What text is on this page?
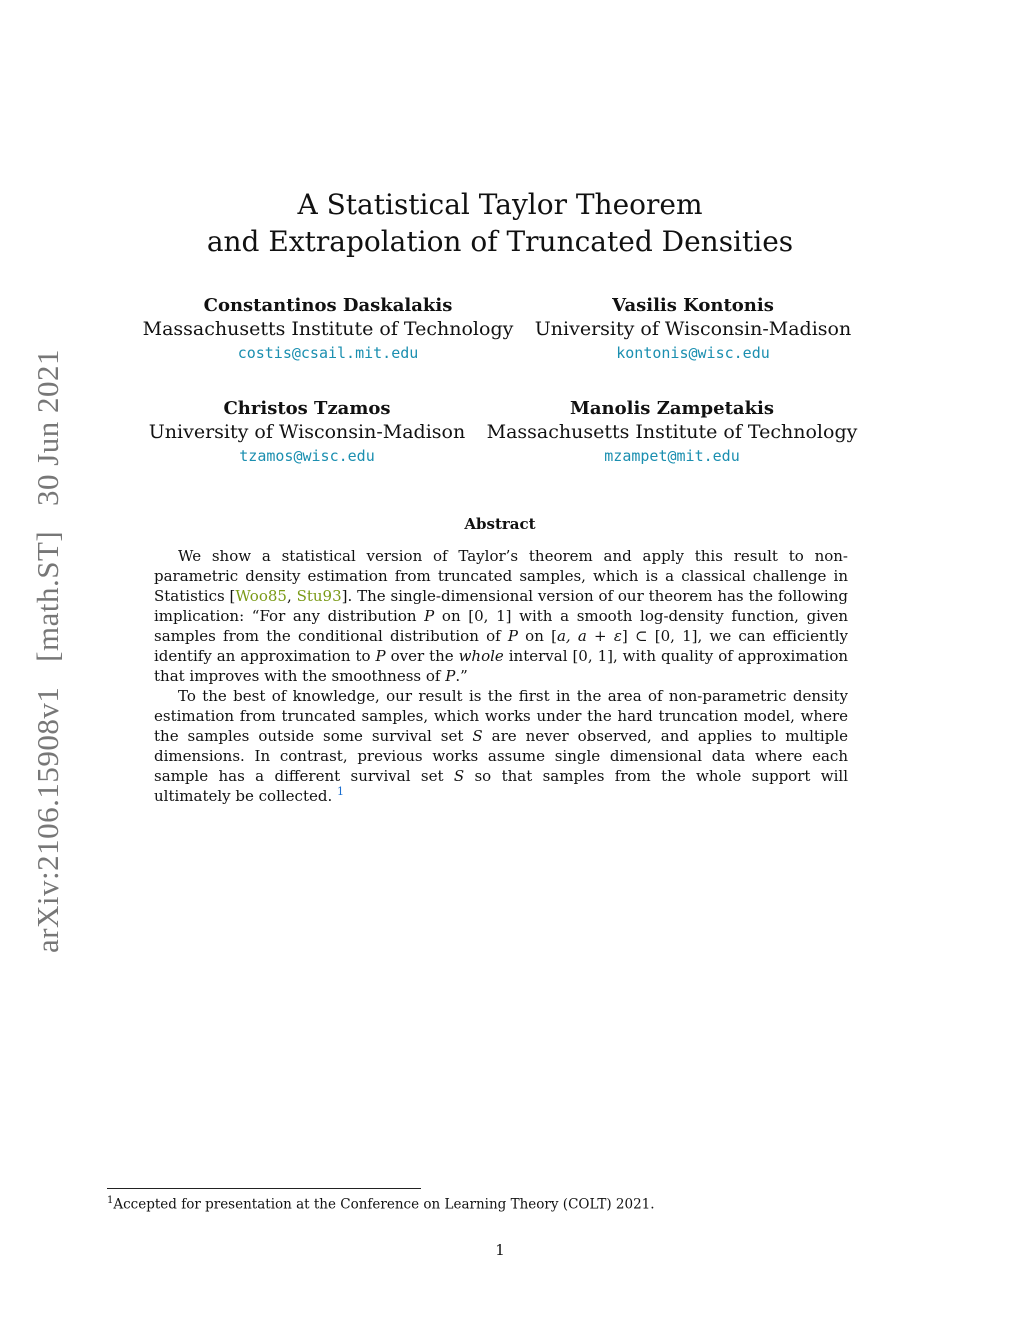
arXiv:2106.15908v1   [math.ST]   30 Jun 2021
A Statistical Taylor Theorem
and Extrapolation of Truncated Densities
Constantinos Daskalakis
Massachusetts Institute of Technology
costis@csail.mit.edu
Vasilis Kontonis
University of Wisconsin-Madison
kontonis@wisc.edu
Christos Tzamos
University of Wisconsin-Madison
tzamos@wisc.edu
Manolis Zampetakis
Massachusetts Institute of Technology
mzampet@mit.edu
Abstract

We show a statistical version of Taylor’s theorem and apply this result to non-parametric density estimation from truncated samples, which is a classical challenge in Statistics [Woo85, Stu93]. The single-dimensional version of our theorem has the following implication: “For any distribution P on [0, 1] with a smooth log-density function, given samples from the conditional distribution of P on [a, a + ε] ⊂ [0, 1], we can efficiently identify an approximation to P over the whole interval [0, 1], with quality of approximation that improves with the smoothness of P.”

To the best of knowledge, our result is the first in the area of non-parametric density estimation from truncated samples, which works under the hard truncation model, where the samples outside some survival set S are never observed, and applies to multiple dimensions. In contrast, previous works assume single dimensional data where each sample has a different survival set S so that samples from the whole support will ultimately be collected. $^1$

$^1$Accepted for presentation at the Conference on Learning Theory (COLT) 2021.
1
